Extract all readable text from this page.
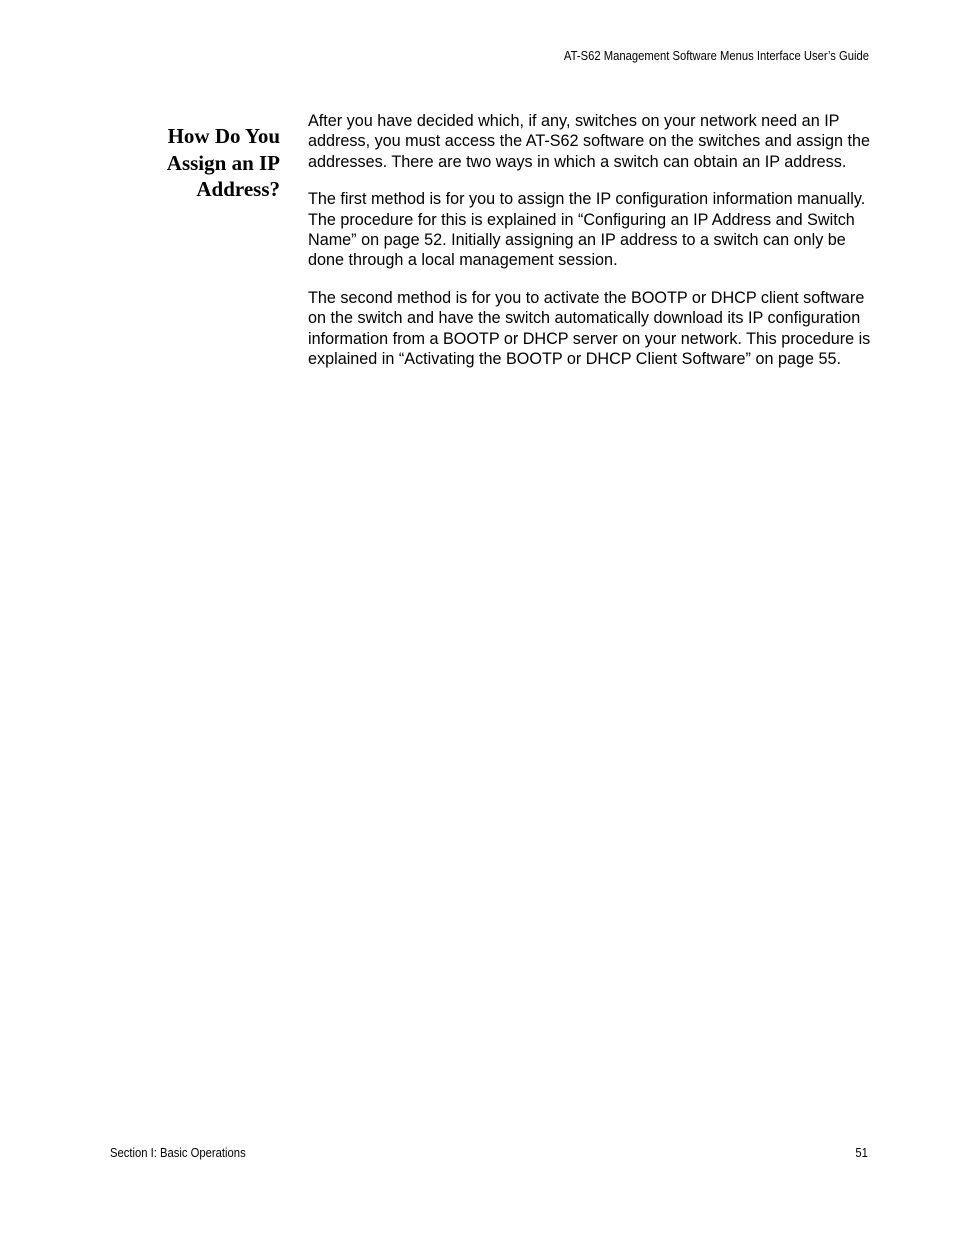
AT-S62 Management Software Menus Interface User’s Guide
How Do You
Assign an IP
Address?

After you have decided which, if any, switches on your network need an IP address, you must access the AT-S62 software on the switches and assign the addresses. There are two ways in which a switch can obtain an IP address.

The first method is for you to assign the IP configuration information manually. The procedure for this is explained in “Configuring an IP Address and Switch Name” on page 52. Initially assigning an IP address to a switch can only be done through a local management session.

The second method is for you to activate the BOOTP or DHCP client software on the switch and have the switch automatically download its IP configuration information from a BOOTP or DHCP server on your network. This procedure is explained in “Activating the BOOTP or DHCP Client Software” on page 55.

Section I: Basic Operations	51
